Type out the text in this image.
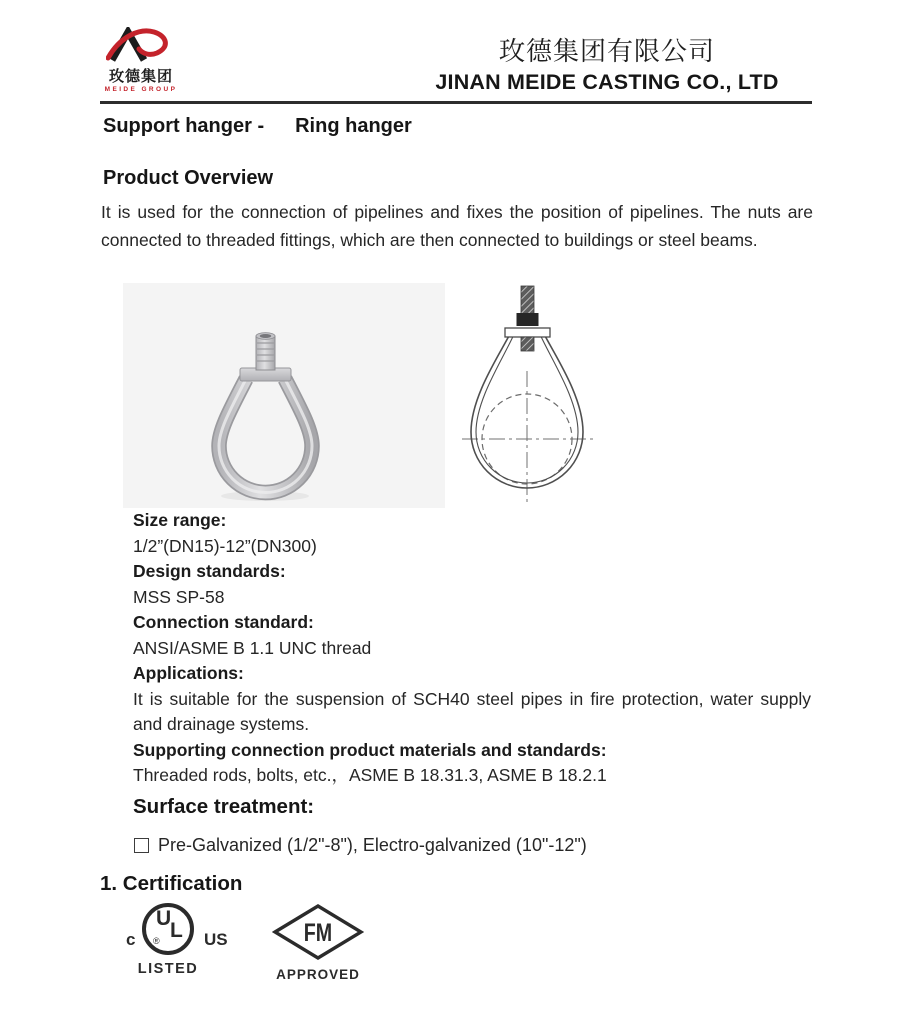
玫德集团
MEIDE GROUP
玫德集团有限公司
JINAN MEIDE CASTING CO., LTD
Support hanger - Ring hanger
Product Overview
It is used for the connection of pipelines and fixes the position of pipelines. The nuts are connected to threaded fittings, which are then connected to buildings or steel beams.
Size range:
1/2”(DN15)-12”(DN300)
Design standards:
MSS SP-58
Connection standard:
ANSI/ASME B 1.1 UNC thread
Applications:
It is suitable for the suspension of SCH40 steel pipes in fire protection, water supply and drainage systems.
Supporting connection product materials and standards:
Threaded rods, bolts, etc.，ASME B 18.31.3, ASME B 18.2.1
Surface treatment:
Pre-Galvanized (1/2"-8"), Electro-galvanized (10"-12")
1. Certification
c
U
L
®	US
LISTED
FM
APPROVED
